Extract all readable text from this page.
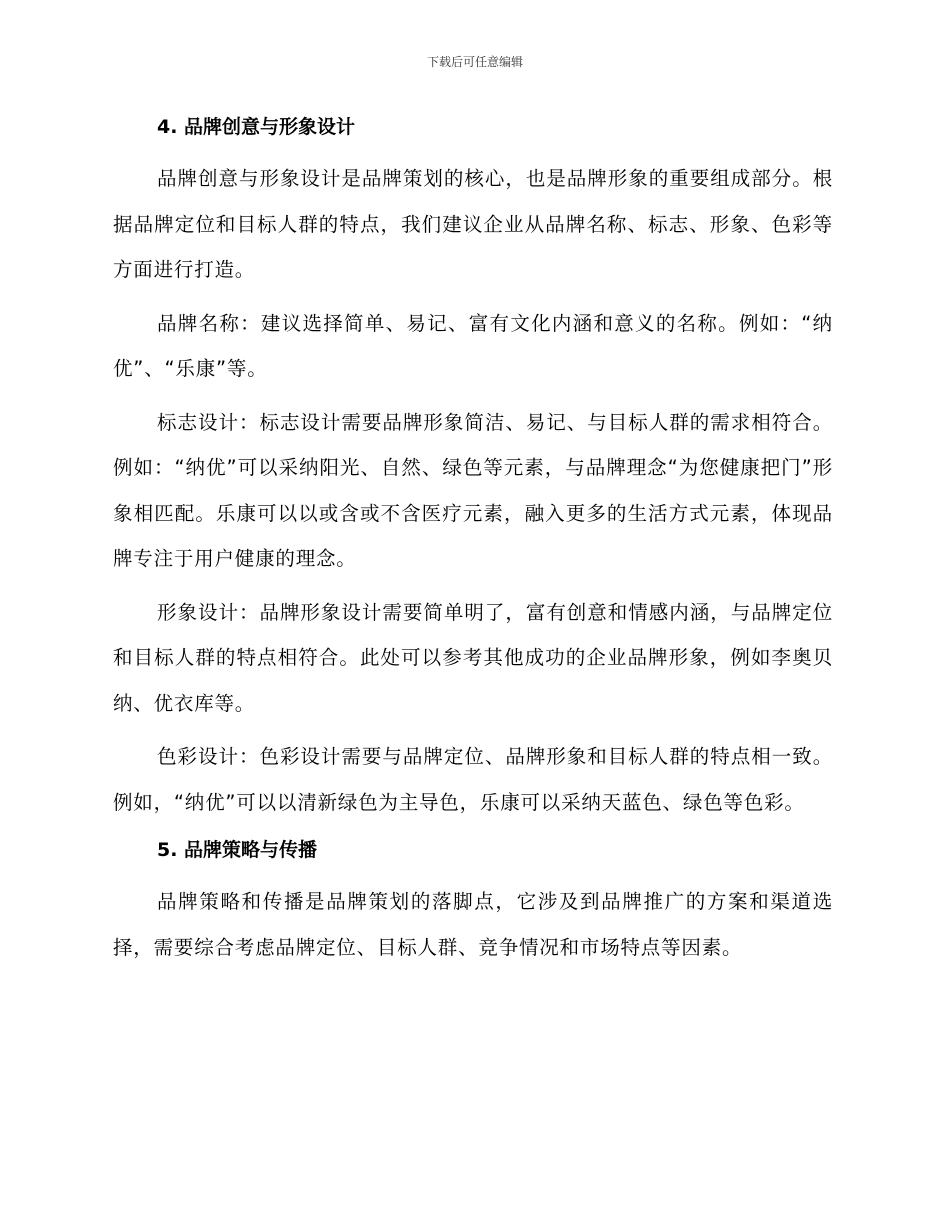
下载后可任意编辑
4. 品牌创意与形象设计

品牌创意与形象设计是品牌策划的核心，也是品牌形象的重要组成部分。根据品牌定位和目标人群的特点，我们建议企业从品牌名称、标志、形象、色彩等方面进行打造。

品牌名称：建议选择简单、易记、富有文化内涵和意义的名称。例如：“纳优”、“乐康”等。

标志设计：标志设计需要品牌形象简洁、易记、与目标人群的需求相符合。例如：“纳优”可以采纳阳光、自然、绿色等元素，与品牌理念“为您健康把门”形象相匹配。乐康可以以或含或不含医疗元素，融入更多的生活方式元素，体现品牌专注于用户健康的理念。

形象设计：品牌形象设计需要简单明了，富有创意和情感内涵，与品牌定位和目标人群的特点相符合。此处可以参考其他成功的企业品牌形象，例如李奥贝纳、优衣库等。

色彩设计：色彩设计需要与品牌定位、品牌形象和目标人群的特点相一致。例如，“纳优”可以以清新绿色为主导色，乐康可以采纳天蓝色、绿色等色彩。

5. 品牌策略与传播

品牌策略和传播是品牌策划的落脚点，它涉及到品牌推广的方案和渠道选择，需要综合考虑品牌定位、目标人群、竞争情况和市场特点等因素。
